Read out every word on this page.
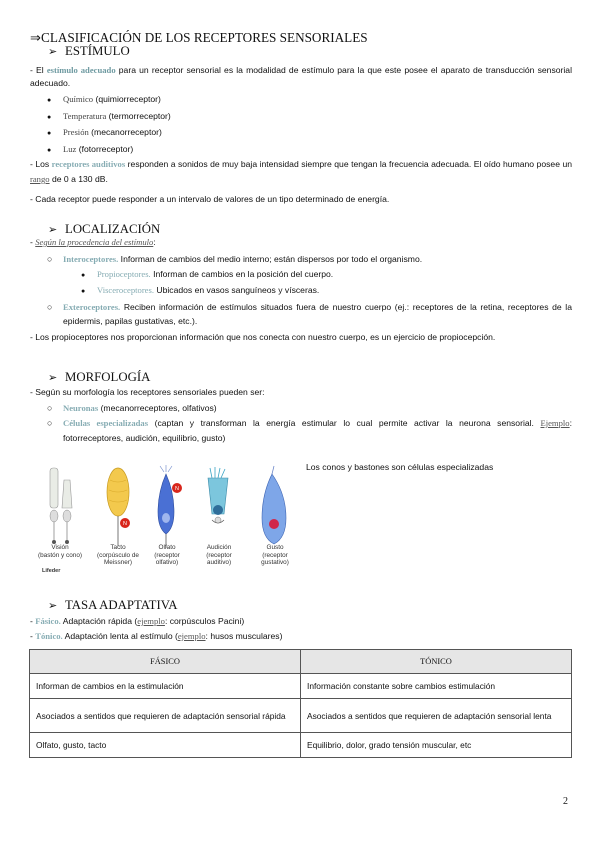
⇒CLASIFICACIÓN DE LOS RECEPTORES SENSORIALES
➢ ESTÍMULO

- El estímulo adecuado para un receptor sensorial es la modalidad de estímulo para la que este posee el aparato de transducción sensorial adecuado.

● Químico (quimiorreceptor)
● Temperatura (termorreceptor)
● Presión (mecanorreceptor)
● Luz (fotorreceptor)

- Los receptores auditivos responden a sonidos de muy baja intensidad siempre que tengan la frecuencia adecuada. El oído humano posee un rango de 0 a 130 dB.

- Cada receptor puede responder a un intervalo de valores de un tipo determinado de energía.

➢ LOCALIZACIÓN
- Según la procedencia del estímulo:
○ Interoceptores. Informan de cambios del medio interno; están dispersos por todo el organismo.
● Propioceptores. Informan de cambios en la posición del cuerpo.
● Visceroceptores. Ubicados en vasos sanguíneos y vísceras.
○	Exteroceptores. Reciben información de estímulos situados fuera de nuestro cuerpo (ej.: receptores de la retina, receptores de la epidermis, papilas gustativas, etc.).

- Los propioceptores nos proporcionan información que nos conecta con nuestro cuerpo, es un ejercicio de propiocepción.

➢ MORFOLOGÍA
- Según su morfología los receptores sensoriales pueden ser:
○ Neuronas (mecanorreceptores, olfativos)
○	Células especializadas (captan y transforman la energía estimular lo cual permite activar la neurona sensorial. Ejemplo: fotorreceptores, audición, equilibrio, gusto)

N
N
Visión
(bastón y cono)
Tacto
(corpúsculo de
Meissner)
Olfato
(receptor
olfativo)
Audición
(receptor
auditivo)
Gusto
(receptor
gustativo)
Lifeder
Los conos y bastones son células especializadas
➢ TASA ADAPTATIVA
- Fásico. Adaptación rápida (ejemplo: corpúsculos Pacini)
- Tónico. Adaptación lenta al estímulo (ejemplo: husos musculares)
FÁSICO	TÓNICO
Informan de cambios en la estimulación	Información constante sobre cambios estimulación
Asociados a sentidos que requieren de adaptación sensorial rápida	Asociados a sentidos que requieren de adaptación sensorial lenta
Olfato, gusto, tacto	Equilibrio, dolor, grado tensión muscular, etc
2
